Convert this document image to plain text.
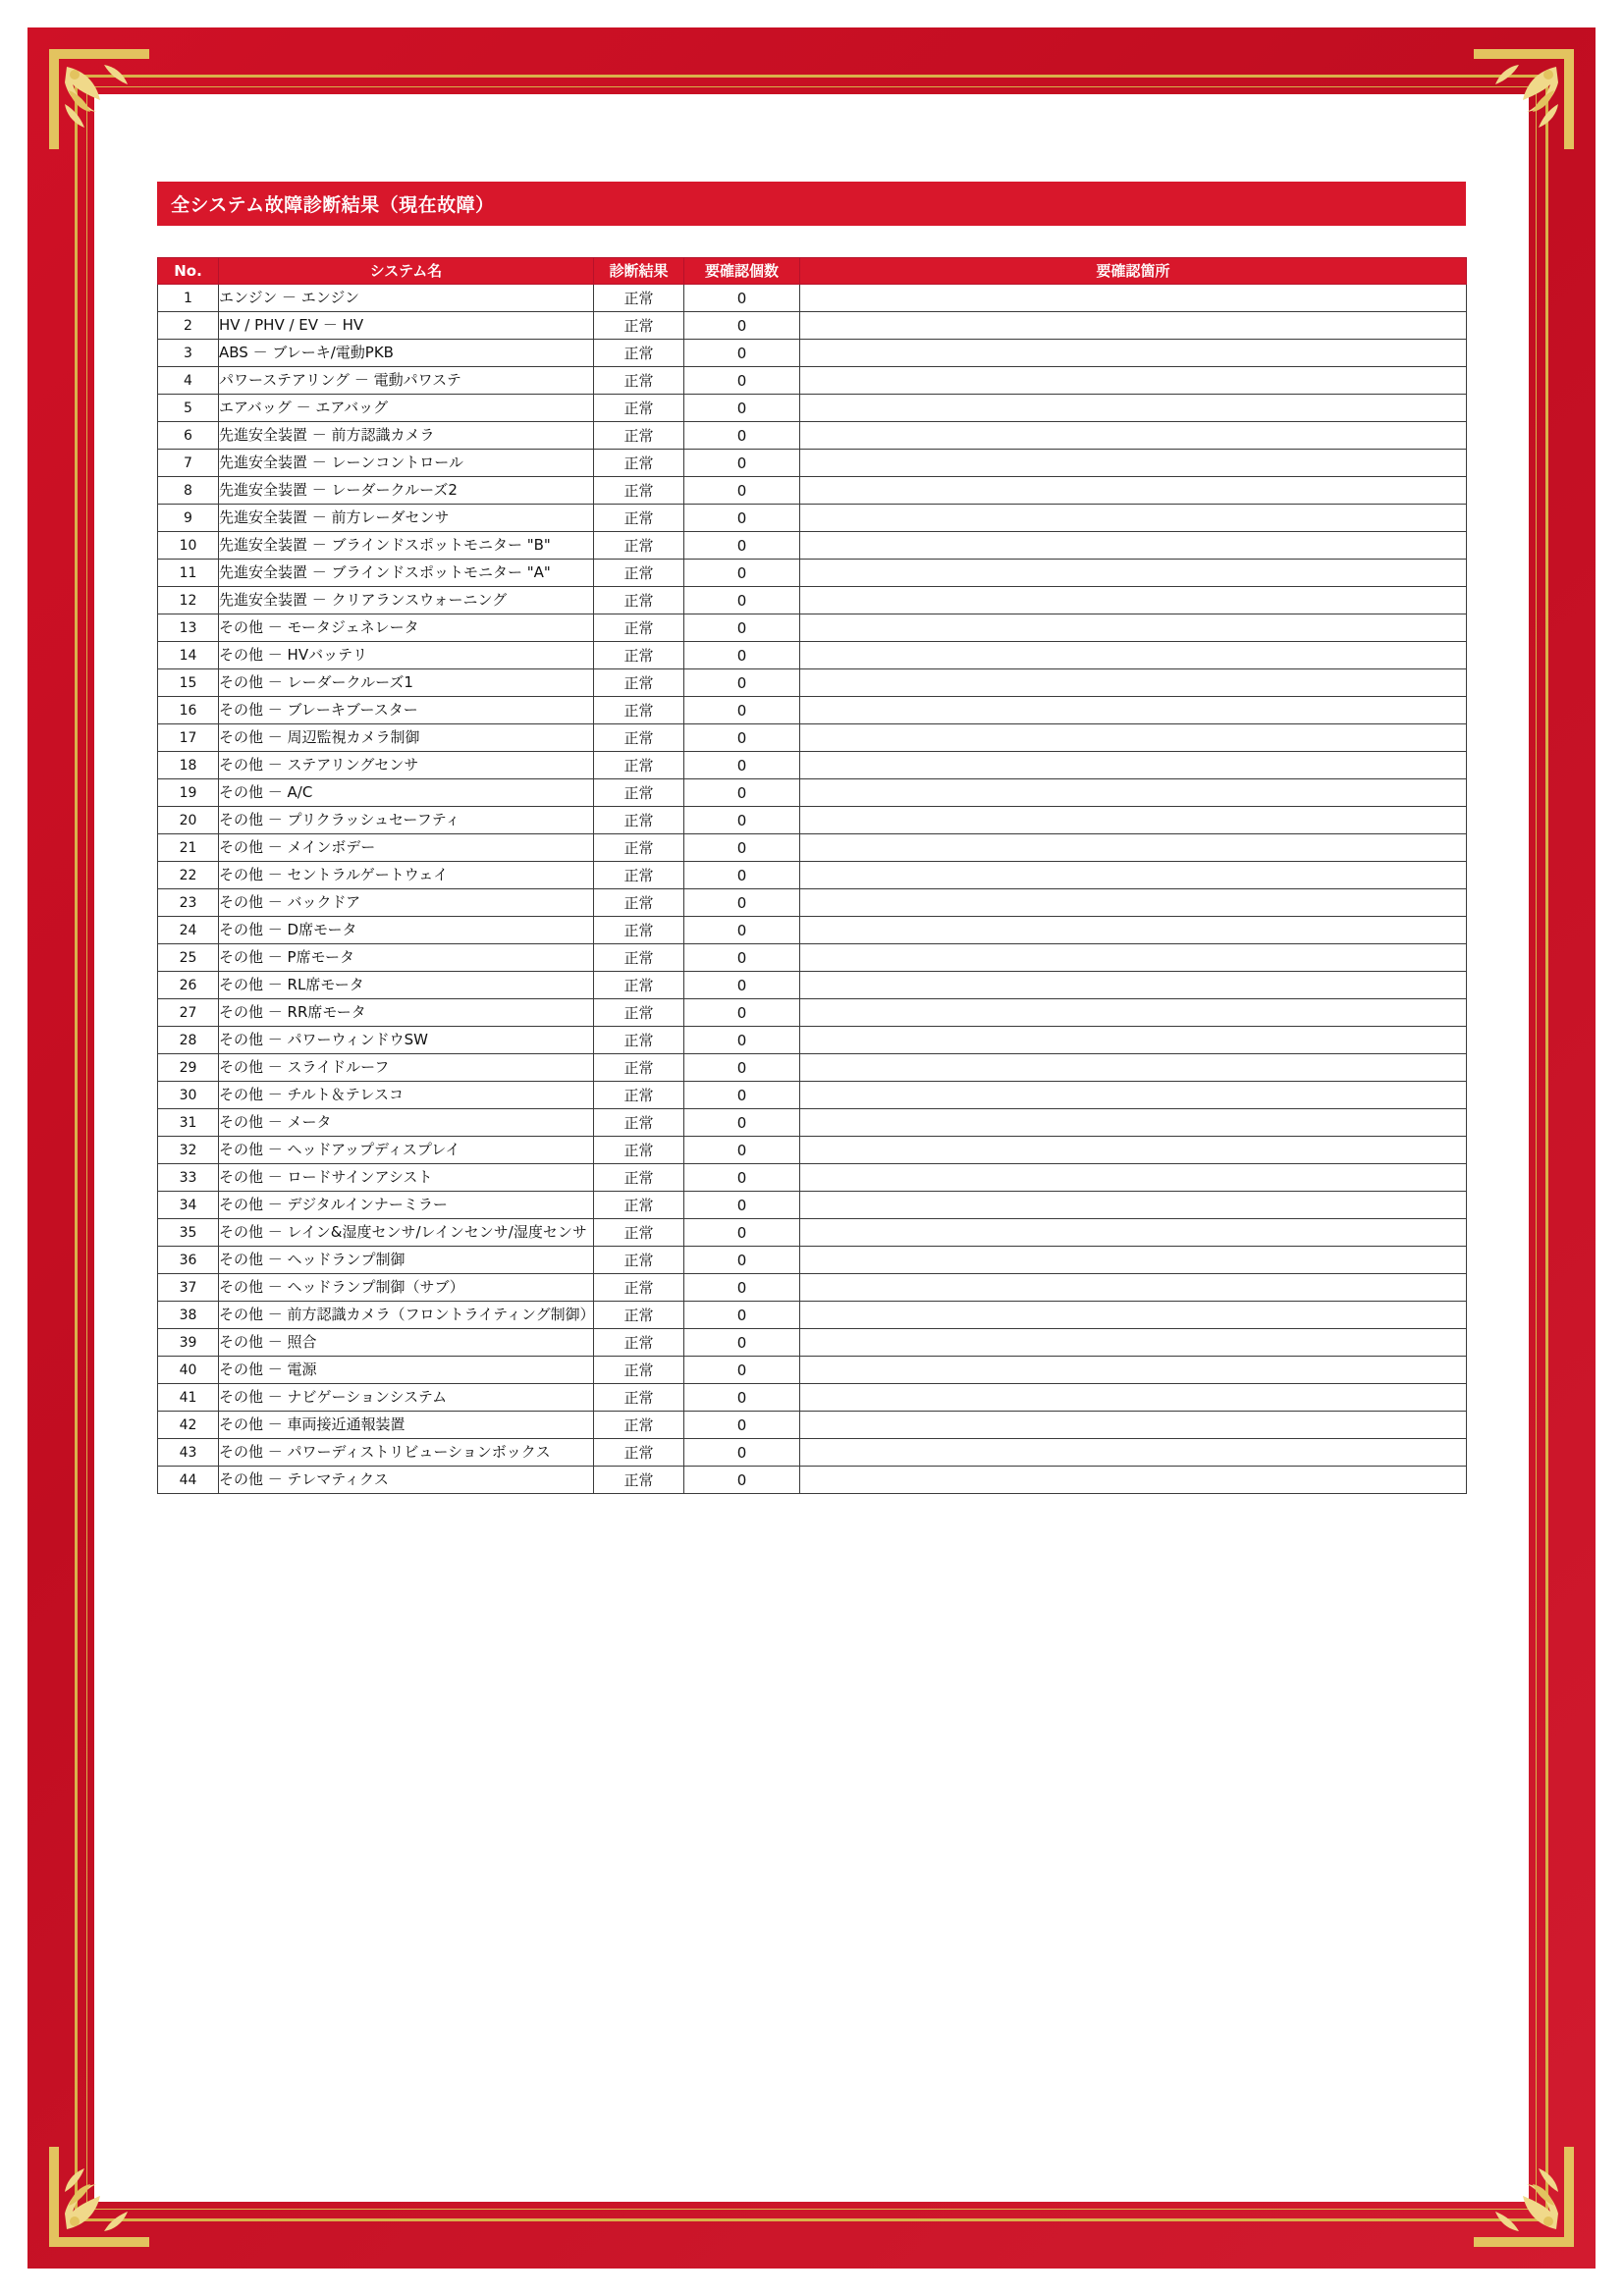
全システム故障診断結果（現在故障）
No.	システム名	診断結果	要確認個数	要確認箇所
1	エンジン － エンジン	正常	0	
2	HV / PHV / EV － HV	正常	0	
3	ABS － ブレーキ/電動PKB	正常	0	
4	パワーステアリング － 電動パワステ	正常	0	
5	エアバッグ － エアバッグ	正常	0	
6	先進安全装置 － 前方認識カメラ	正常	0	
7	先進安全装置 － レーンコントロール	正常	0	
8	先進安全装置 － レーダークルーズ2	正常	0	
9	先進安全装置 － 前方レーダセンサ	正常	0	
10	先進安全装置 － ブラインドスポットモニター "B"	正常	0	
11	先進安全装置 － ブラインドスポットモニター "A"	正常	0	
12	先進安全装置 － クリアランスウォーニング	正常	0	
13	その他 － モータジェネレータ	正常	0	
14	その他 － HVバッテリ	正常	0	
15	その他 － レーダークルーズ1	正常	0	
16	その他 － ブレーキブースター	正常	0	
17	その他 － 周辺監視カメラ制御	正常	0	
18	その他 － ステアリングセンサ	正常	0	
19	その他 － A/C	正常	0	
20	その他 － プリクラッシュセーフティ	正常	0	
21	その他 － メインボデー	正常	0	
22	その他 － セントラルゲートウェイ	正常	0	
23	その他 － バックドア	正常	0	
24	その他 － D席モータ	正常	0	
25	その他 － P席モータ	正常	0	
26	その他 － RL席モータ	正常	0	
27	その他 － RR席モータ	正常	0	
28	その他 － パワーウィンドウSW	正常	0	
29	その他 － スライドルーフ	正常	0	
30	その他 － チルト＆テレスコ	正常	0	
31	その他 － メータ	正常	0	
32	その他 － ヘッドアップディスプレイ	正常	0	
33	その他 － ロードサインアシスト	正常	0	
34	その他 － デジタルインナーミラー	正常	0	
35	その他 － レイン&湿度センサ/レインセンサ/湿度センサ	正常	0	
36	その他 － ヘッドランプ制御	正常	0	
37	その他 － ヘッドランプ制御（サブ）	正常	0	
38	その他 － 前方認識カメラ（フロントライティング制御）	正常	0	
39	その他 － 照合	正常	0	
40	その他 － 電源	正常	0	
41	その他 － ナビゲーションシステム	正常	0	
42	その他 － 車両接近通報装置	正常	0	
43	その他 － パワーディストリビューションボックス	正常	0	
44	その他 － テレマティクス	正常	0	
